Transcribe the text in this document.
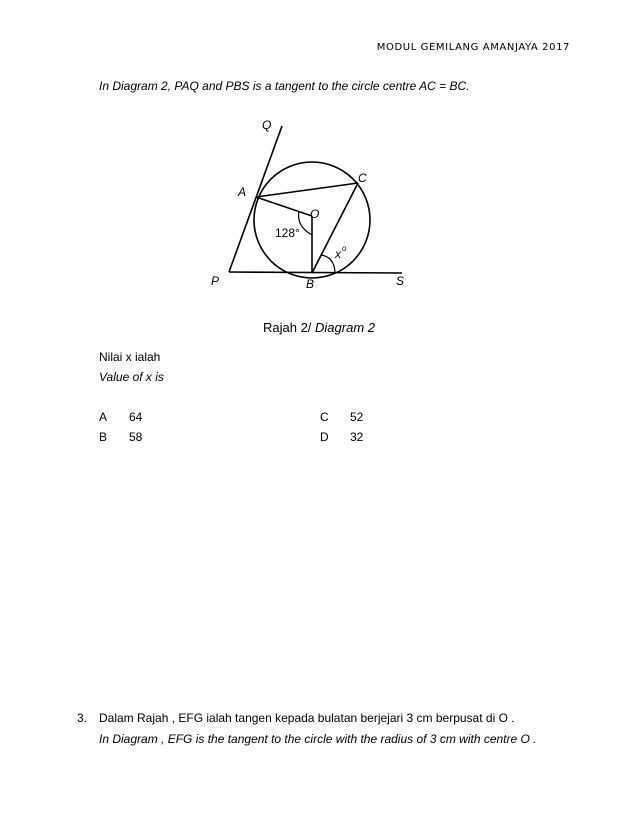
MODUL GEMILANG AMANJAYA 2017
In Diagram 2, PAQ and PBS is a tangent to the circle centre AC = BC.
Q
A
C
O
P	B	S
128°
x o
Rajah 2/ Diagram 2
Nilai x ialah
Value of x is
A 64
B 58
C 52
D 32
3. Dalam Rajah , EFG ialah tangen kepada bulatan berjejari 3 cm berpusat di O .
In Diagram , EFG is the tangent to the circle with the radius of 3 cm with centre O .
